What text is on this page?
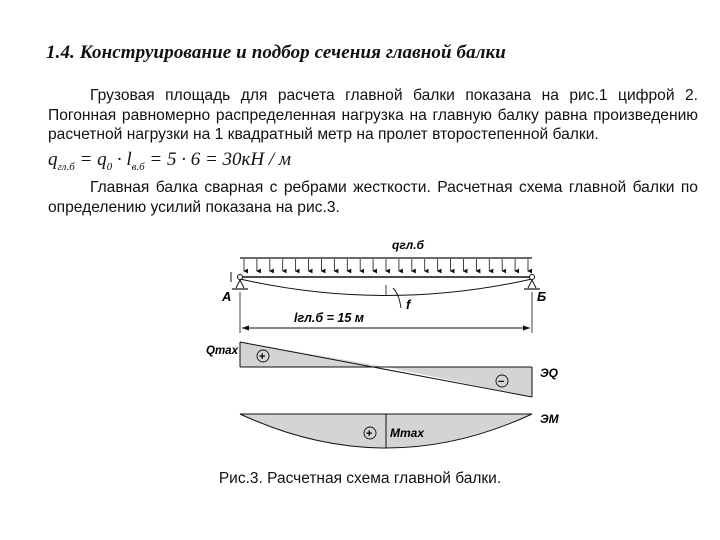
1.4. Конструирование и подбор сечения главной балки

Грузовая площадь для расчета главной балки показана на рис.1 цифрой 2. Погонная равномерно распределенная нагрузка на главную балку равна произведению расчетной нагрузки на 1 квадратный метр на пролет второстепенной балки.

$q_{гл.б} = q_0 \cdot l_{в.б} = 5 \cdot 6 = 30кН / м$

Главная балка сварная с ребрами жесткости. Расчетная схема главной балки по определению усилий показана на рис.3.

qгл.б
А	Б
f
lгл.б = 15 м
+
−
Qmax
ЭQ
+ Mmax
ЭМ

Рис.3. Расчетная схема главной балки.
